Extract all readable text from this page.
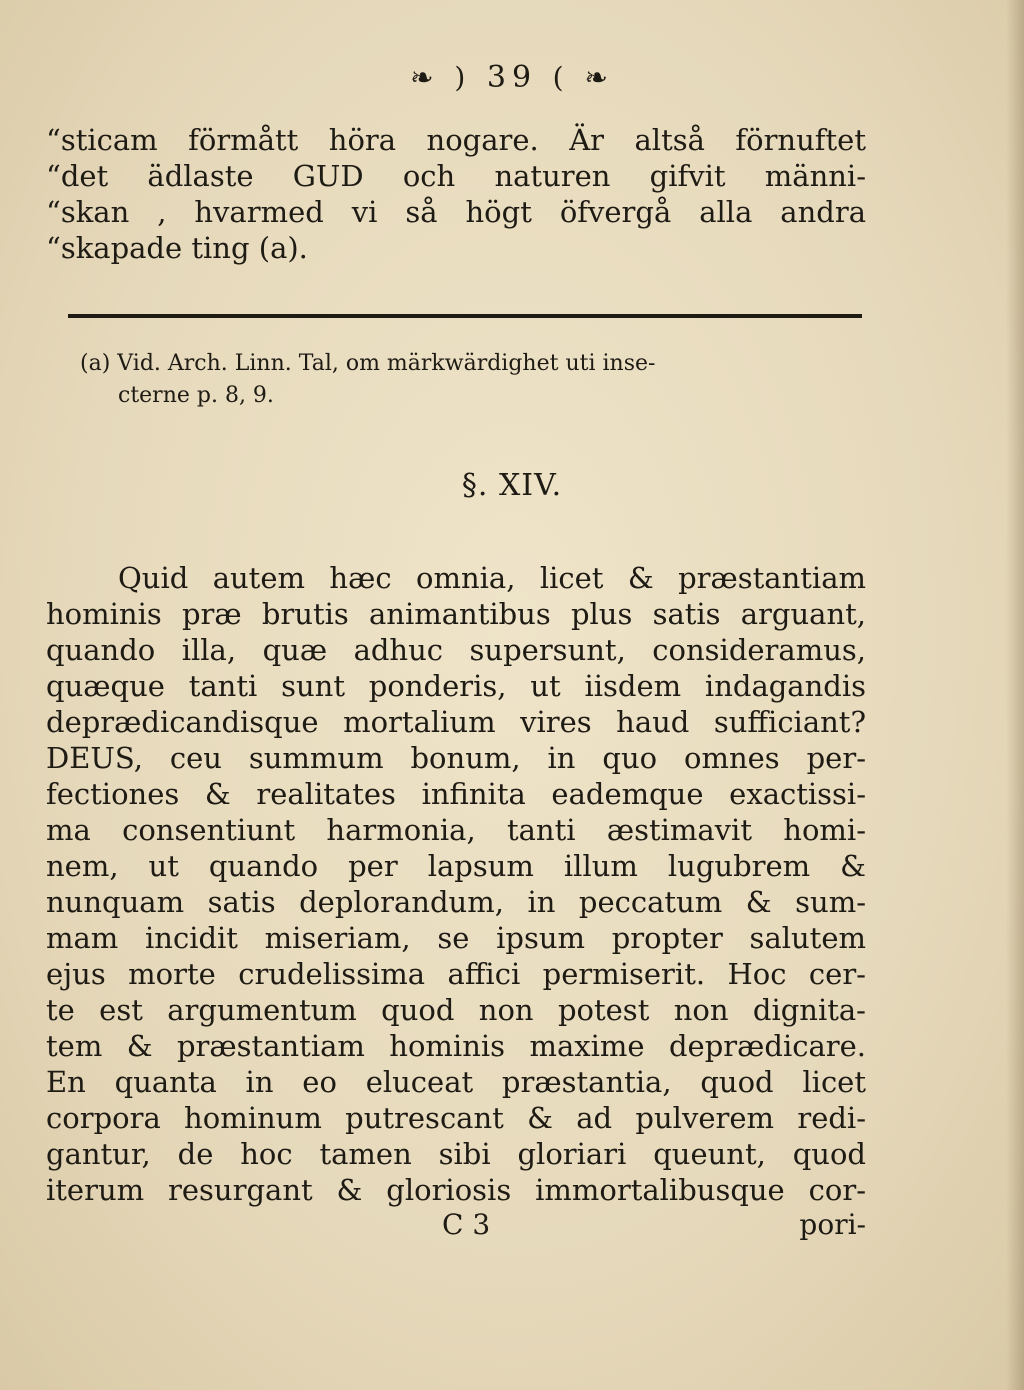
❧ ) 39 ( ❧
“sticam förmått höra nogare. Är altså förnuftet
“det ädlaste GUD och naturen gifvit männi-
“skan , hvarmed vi så högt öfvergå alla andra
“skapade ting (a).
(a) Vid. Arch. Linn. Tal, om märkwärdighet uti inse-
cterne p. 8, 9.
§. XIV.
Quid autem hæc omnia, licet & præstantiam
hominis præ brutis animantibus plus satis arguant,
quando illa, quæ adhuc supersunt, consideramus,
quæque tanti sunt ponderis, ut iisdem indagandis
deprædicandisque mortalium vires haud sufficiant?
DEUS, ceu summum bonum, in quo omnes per-
fectiones & realitates infinita eademque exactissi-
ma consentiunt harmonia, tanti æstimavit homi-
nem, ut quando per lapsum illum lugubrem &
nunquam satis deplorandum, in peccatum & sum-
mam incidit miseriam, se ipsum propter salutem
ejus morte crudelissima affici permiserit. Hoc cer-
te est argumentum quod non potest non dignita-
tem & præstantiam hominis maxime deprædicare.
En quanta in eo eluceat præstantia, quod licet
corpora hominum putrescant & ad pulverem redi-
gantur, de hoc tamen sibi gloriari queunt, quod
iterum resurgant & gloriosis immortalibusque cor-
C 3	pori-
